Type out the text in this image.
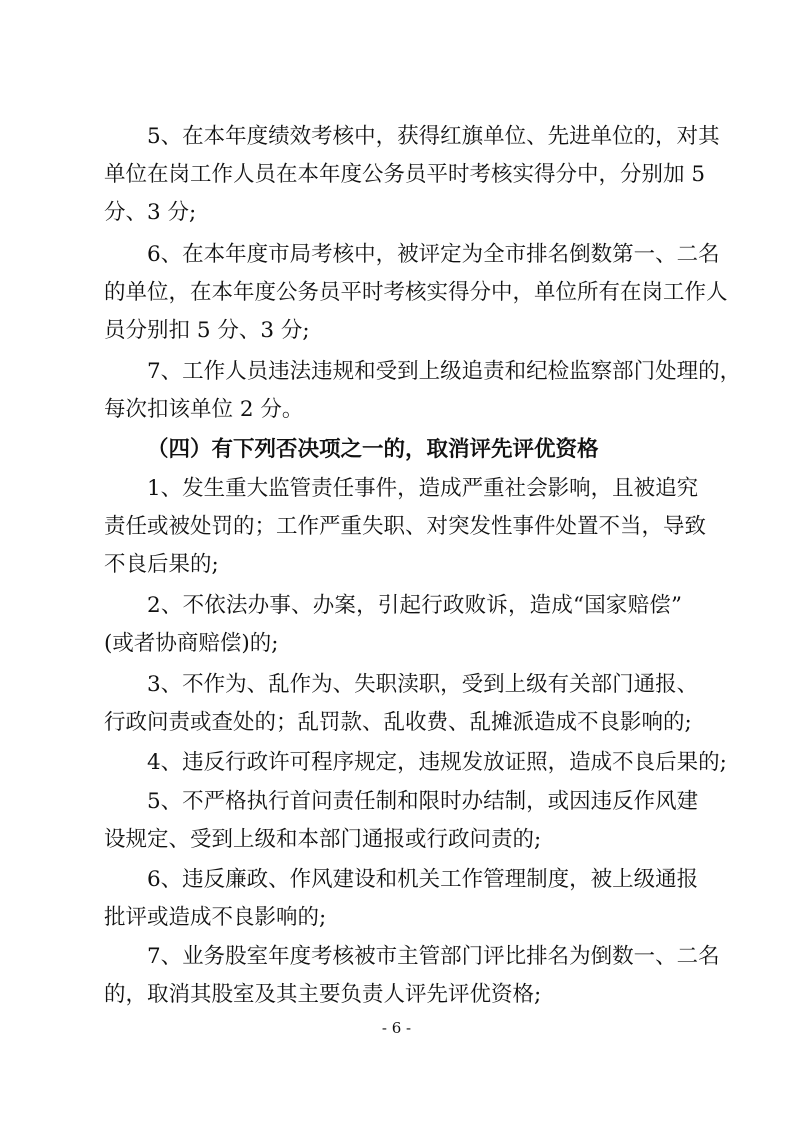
5、在本年度绩效考核中，获得红旗单位、先进单位的，对其
单位在岗工作人员在本年度公务员平时考核实得分中，分别加 5
分、3 分;
6、在本年度市局考核中，被评定为全市排名倒数第一、二名
的单位，在本年度公务员平时考核实得分中，单位所有在岗工作人
员分别扣 5 分、3 分;
7、工作人员违法违规和受到上级追责和纪检监察部门处理的，
每次扣该单位 2 分。
（四）有下列否决项之一的，取消评先评优资格
1、发生重大监管责任事件，造成严重社会影响，且被追究
责任或被处罚的；工作严重失职、对突发性事件处置不当，导致
不良后果的;
2、不依法办事、办案，引起行政败诉，造成“国家赔偿”
(或者协商赔偿)的;
3、不作为、乱作为、失职渎职，受到上级有关部门通报、
行政问责或查处的；乱罚款、乱收费、乱摊派造成不良影响的;
4、违反行政许可程序规定，违规发放证照，造成不良后果的;
5、不严格执行首问责任制和限时办结制，或因违反作风建
设规定、受到上级和本部门通报或行政问责的;
6、违反廉政、作风建设和机关工作管理制度，被上级通报
批评或造成不良影响的;
7、业务股室年度考核被市主管部门评比排名为倒数一、二名
的，取消其股室及其主要负责人评先评优资格;
- 6 -
